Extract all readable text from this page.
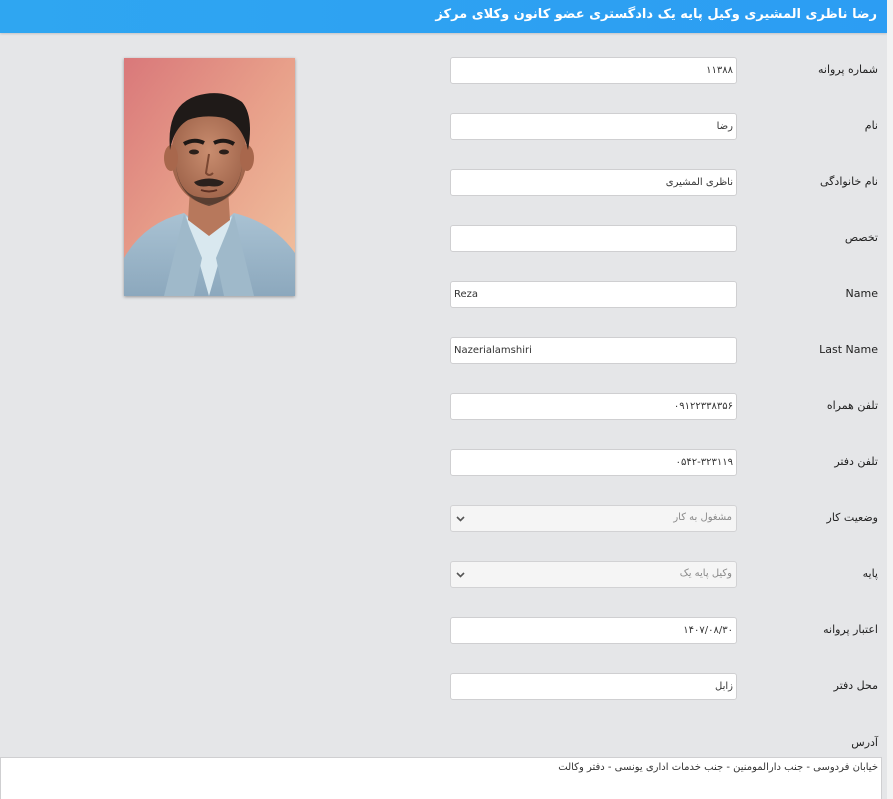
رضا ناظری المشیری وکیل پایه یک دادگستری عضو کانون وکلای مرکز
شماره پروانه
۱۱۳۸۸
نام
رضا
نام خانوادگی
ناظری المشیری
تخصص
Name
Reza
Last Name
Nazerialamshiri
تلفن همراه
۰۹۱۲۲۳۳۸۳۵۶
تلفن دفتر
۰۵۴۲-۳۲۳۱۱۹
وضعیت کار
مشغول به کار
پایه
وکیل پایه یک
اعتبار پروانه
۱۴۰۷/۰۸/۳۰
محل دفتر
زابل
آدرس
خیابان فردوسی - جنب دارالمومنین - جنب خدمات اداری یونسی - دفتر وکالت
